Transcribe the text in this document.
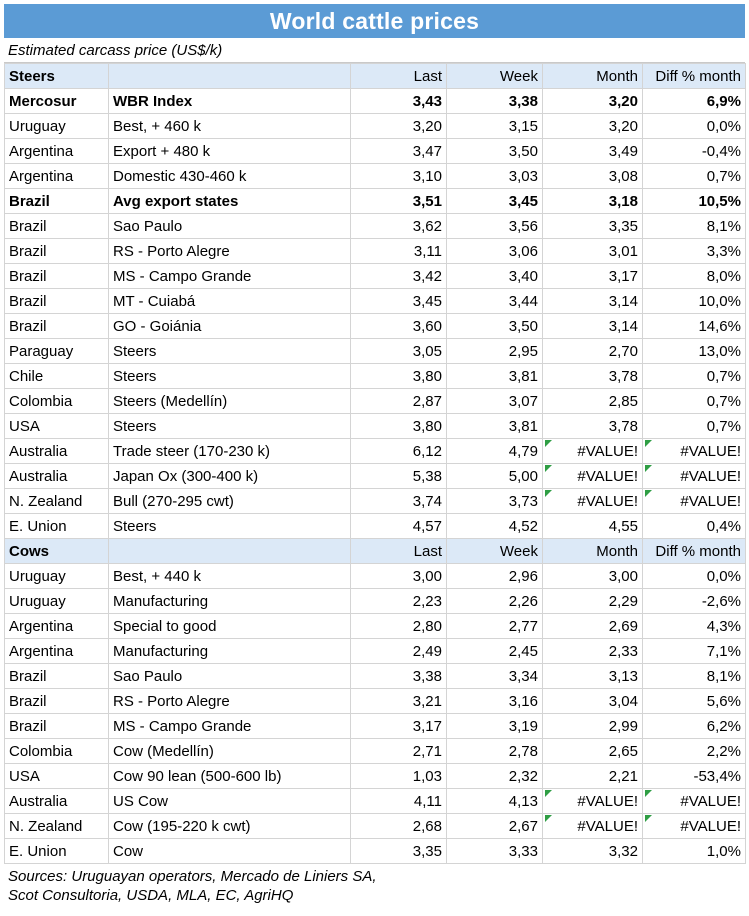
World cattle prices
Estimated carcass price (US$/k)
Steers		Last	Week	Month	Diff % month
Mercosur	WBR Index	3,43	3,38	3,20	6,9%
Uruguay	Best, + 460 k	3,20	3,15	3,20	0,0%
Argentina	Export + 480 k	3,47	3,50	3,49	-0,4%
Argentina	Domestic 430-460 k	3,10	3,03	3,08	0,7%
Brazil	Avg export states	3,51	3,45	3,18	10,5%
Brazil	Sao Paulo	3,62	3,56	3,35	8,1%
Brazil	RS - Porto Alegre	3,11	3,06	3,01	3,3%
Brazil	MS - Campo Grande	3,42	3,40	3,17	8,0%
Brazil	MT - Cuiabá	3,45	3,44	3,14	10,0%
Brazil	GO - Goiánia	3,60	3,50	3,14	14,6%
Paraguay	Steers	3,05	2,95	2,70	13,0%
Chile	Steers	3,80	3,81	3,78	0,7%
Colombia	Steers (Medellín)	2,87	3,07	2,85	0,7%
USA	Steers	3,80	3,81	3,78	0,7%
Australia	Trade steer (170-230 k)	6,12	4,79	#VALUE!	#VALUE!
Australia	Japan Ox (300-400 k)	5,38	5,00	#VALUE!	#VALUE!
N. Zealand	Bull (270-295 cwt)	3,74	3,73	#VALUE!	#VALUE!
E. Union	Steers	4,57	4,52	4,55	0,4%
Cows		Last	Week	Month	Diff % month
Uruguay	Best, + 440 k	3,00	2,96	3,00	0,0%
Uruguay	Manufacturing	2,23	2,26	2,29	-2,6%
Argentina	Special to good	2,80	2,77	2,69	4,3%
Argentina	Manufacturing	2,49	2,45	2,33	7,1%
Brazil	Sao Paulo	3,38	3,34	3,13	8,1%
Brazil	RS - Porto Alegre	3,21	3,16	3,04	5,6%
Brazil	MS - Campo Grande	3,17	3,19	2,99	6,2%
Colombia	Cow (Medellín)	2,71	2,78	2,65	2,2%
USA	Cow 90 lean (500-600 lb)	1,03	2,32	2,21	-53,4%
Australia	US Cow	4,11	4,13	#VALUE!	#VALUE!
N. Zealand	Cow (195-220 k cwt)	2,68	2,67	#VALUE!	#VALUE!
E. Union	Cow	3,35	3,33	3,32	1,0%
Sources: Uruguayan operators, Mercado de Liniers SA,
Scot Consultoria, USDA, MLA, EC, AgriHQ
